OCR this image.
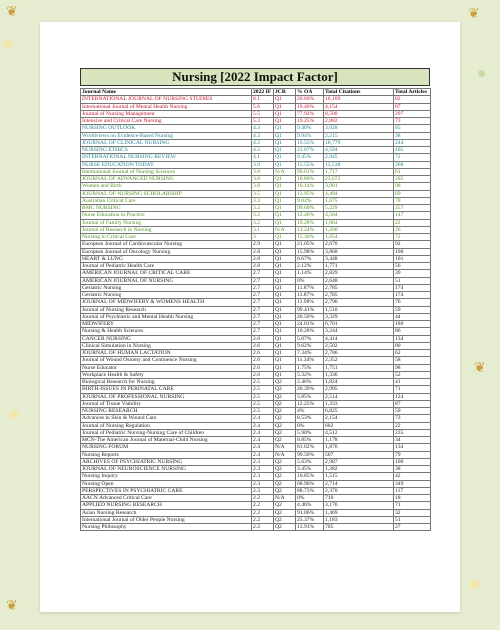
❦	❦
❦
❦
Nursing [2022 Impact Factor]
Journal Name	2022 IF	JCR	% OA	Total Citations	Total Articles
INTERNATIONAL JOURNAL OF NURSING STUDIES	8.1	Q1	20.60%	16,109	82
International Journal of Mental Health Nursing	5.6	Q1	19.40%	4,154	87
Journal of Nursing Management	5.5	Q1	77.92%	8,500	297
Intensive and Critical Care Nursing	5.3	Q1	19.25%	2,882	73
NURSING OUTLOOK	4.3	Q1	9.40%	3,028	85
Worldviews on Evidence-Based Nursing	4.3	Q1	9.94%	2,215	38
JOURNAL OF CLINICAL NURSING	4.2	Q1	19.55%	18,779	244
NURSING ETHICS	4.2	Q1	21.67%	4,594	105
INTERNATIONAL NURSING REVIEW	4.1	Q1	9.45%	2,945	72
NURSE EDUCATION TODAY	3.9	Q1	15.55%	13,538	268
International Journal of Nursing Sciences	3.8	N/A	99.01%	1,717	61
JOURNAL OF ADVANCED NURSING	3.8	Q1	18.80%	23,672	205
Women and Birth	3.8	Q1	16.14%	3,901	98
JOURNAL OF NURSING SCHOLARSHIP	3.5	Q1	13.95%	4,494	69
Australian Critical Care	3.3	Q1	9.02%	1,675	78
BMC NURSING	3.2	Q1	99.60%	5,229	357
Nurse Education in Practice	3.2	Q1	12.46%	4,564	147
Journal of Family Nursing	3.2	Q1	19.28%	1,064	22
Journal of Research in Nursing	3.1	N/A	12.24%	1,200	26
Nursing in Critical Care	3	Q1	15.36%	1,654	72
European Journal of Cardiovascular Nursing	2.9	Q1	21.05%	2,670	92
European Journal of Oncology Nursing	2.8	Q1	15.98%	3,868	100
HEART & LUNG	2.8	Q1	6.67%	3,448	101
Journal of Pediatric Health Care	2.8	Q1	2.12%	1,771	56
AMERICAN JOURNAL OF CRITICAL CARE	2.7	Q1	1.14%	2,829	39
AMERICAN JOURNAL OF NURSING	2.7	Q1	0%	2,648	51
Geriatric Nursing	2.7	Q1	11.87%	2,785	174
Geriatric Nursing	2.7	Q1	11.87%	2,785	174
JOURNAL OF MIDWIFERY & WOMENS HEALTH	2.7	Q1	11.98%	2,796	76
Journal of Nursing Research	2.7	Q1	99.41%	1,510	59
Journal of Psychiatric and Mental Health Nursing	2.7	Q1	20.50%	3,329	44
MIDWIFERY	2.7	Q1	24.01%	6,701	180
Nursing & Health Sciences	2.7	Q1	10.28%	3,244	86
CANCER NURSING	2.6	Q1	5.07%	4,414	134
Clinical Simulation in Nursing	2.6	Q1	9.62%	2,502	80
JOURNAL OF HUMAN LACTATION	2.6	Q1	7.34%	2,786	62
Journal of Wound Ostomy and Continence Nursing	2.6	Q1	11.34%	2,352	58
Nurse Educator	2.6	Q1	1.75%	1,751	98
Workplace Health & Safety	2.6	Q1	5.32%	1,336	52
Biological Research for Nursing	2.5	Q2	2.46%	1,824	41
BIRTH-ISSUES IN PERINATAL CARE	2.5	Q2	20.39%	2,995	71
JOURNAL OF PROFESSIONAL NURSING	2.5	Q2	5.85%	2,514	124
Journal of Tissue Viability	2.5	Q2	12.25%	1,333	87
NURSING RESEARCH	2.5	Q2	4%	6,825	59
Advances in Skin & Wound Care	2.4	Q2	8.53%	2,154	73
Journal of Nursing Regulation	2.4	Q2	0%	602	22
Journal of Pediatric Nursing-Nursing Care of Children	2.4	Q2	5.90%	4,512	235
MCN-The American Journal of Maternal-Child Nursing	2.4	Q2	0.85%	1,178	34
NURSING FORUM	2.4	N/A	81.62%	1,876	134
Nursing Reports	2.4	N/A	99.50%	507	79
ARCHIVES OF PSYCHIATRIC NURSING	2.3	Q2	5.63%	2,987	100
JOURNAL OF NEUROSCIENCE NURSING	2.3	Q2	3.45%	1,382	38
Nursing Inquiry	2.3	Q2	16.85%	1,515	42
Nursing Open	2.3	Q2	68.96%	2,714	349
PERSPECTIVES IN PSYCHIATRIC CARE	2.3	Q2	88.73%	2,370	117
AACN Advanced Critical Care	2.2	N/A	0%	710	18
APPLIED NURSING RESEARCH	2.2	Q2	4.46%	3,176	71
Asian Nursing Research	2.2	Q2	91.06%	1,469	32
International Journal of Older People Nursing	2.2	Q2	25.37%	1,183	51
Nursing Philosophy	2.2	Q2	13.91%	705	27
